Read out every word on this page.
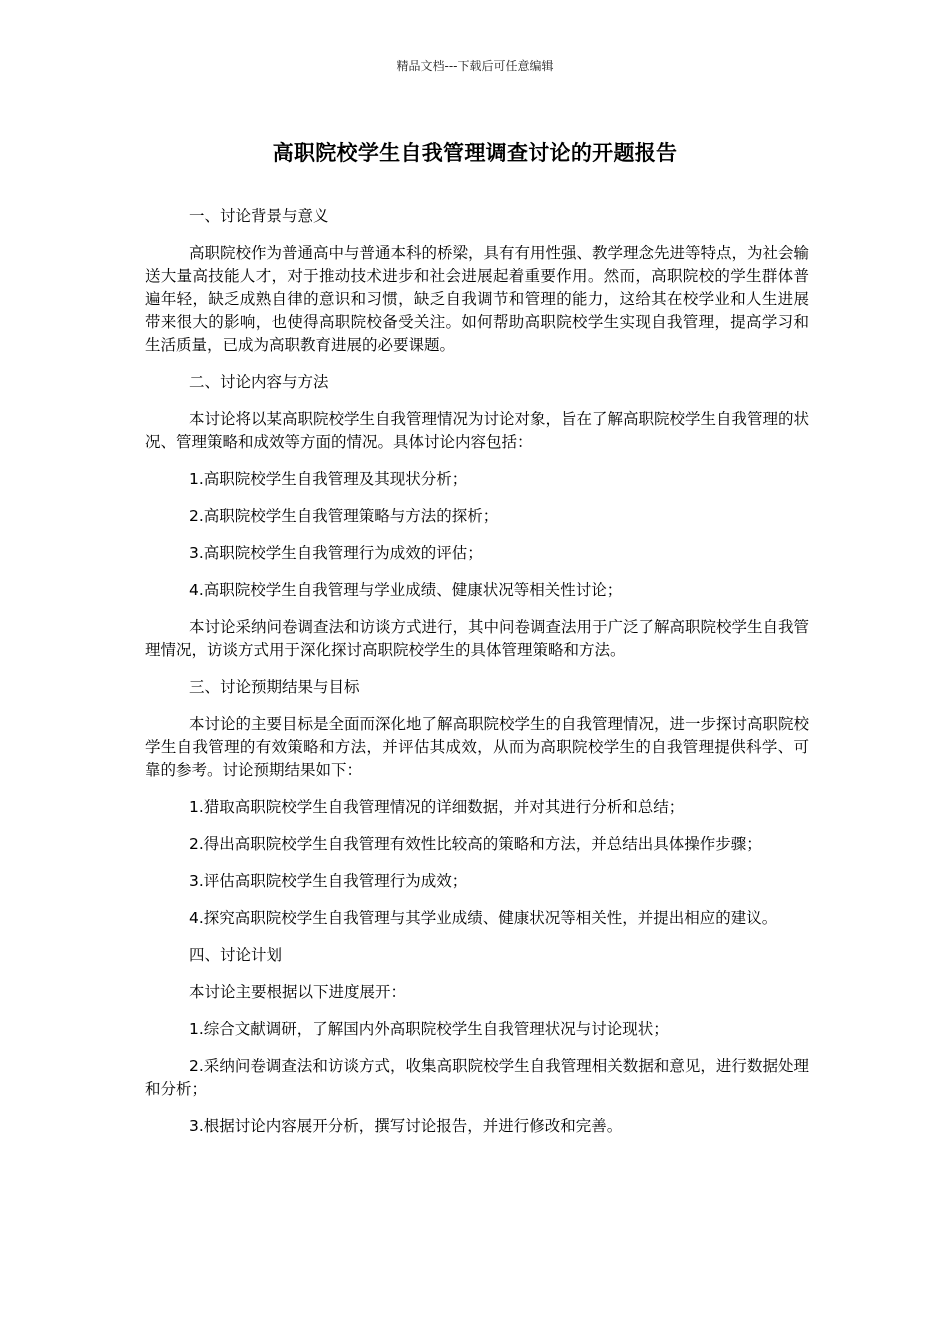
精品文档---下载后可任意编辑
高职院校学生自我管理调查讨论的开题报告

一、讨论背景与意义

高职院校作为普通高中与普通本科的桥梁，具有有用性强、教学理念先进等特点，为社会输送大量高技能人才，对于推动技术进步和社会进展起着重要作用。然而，高职院校的学生群体普遍年轻，缺乏成熟自律的意识和习惯，缺乏自我调节和管理的能力，这给其在校学业和人生进展带来很大的影响，也使得高职院校备受关注。如何帮助高职院校学生实现自我管理，提高学习和生活质量，已成为高职教育进展的必要课题。

二、讨论内容与方法

本讨论将以某高职院校学生自我管理情况为讨论对象，旨在了解高职院校学生自我管理的状况、管理策略和成效等方面的情况。具体讨论内容包括：

1.高职院校学生自我管理及其现状分析；

2.高职院校学生自我管理策略与方法的探析；

3.高职院校学生自我管理行为成效的评估；

4.高职院校学生自我管理与学业成绩、健康状况等相关性讨论；

本讨论采纳问卷调查法和访谈方式进行，其中问卷调查法用于广泛了解高职院校学生自我管理情况，访谈方式用于深化探讨高职院校学生的具体管理策略和方法。

三、讨论预期结果与目标

本讨论的主要目标是全面而深化地了解高职院校学生的自我管理情况，进一步探讨高职院校学生自我管理的有效策略和方法，并评估其成效，从而为高职院校学生的自我管理提供科学、可靠的参考。讨论预期结果如下：

1.猎取高职院校学生自我管理情况的详细数据，并对其进行分析和总结；

2.得出高职院校学生自我管理有效性比较高的策略和方法，并总结出具体操作步骤；

3.评估高职院校学生自我管理行为成效；

4.探究高职院校学生自我管理与其学业成绩、健康状况等相关性，并提出相应的建议。

四、讨论计划

本讨论主要根据以下进度展开：

1.综合文献调研，了解国内外高职院校学生自我管理状况与讨论现状；

2.采纳问卷调查法和访谈方式，收集高职院校学生自我管理相关数据和意见，进行数据处理和分析；

3.根据讨论内容展开分析，撰写讨论报告，并进行修改和完善。
